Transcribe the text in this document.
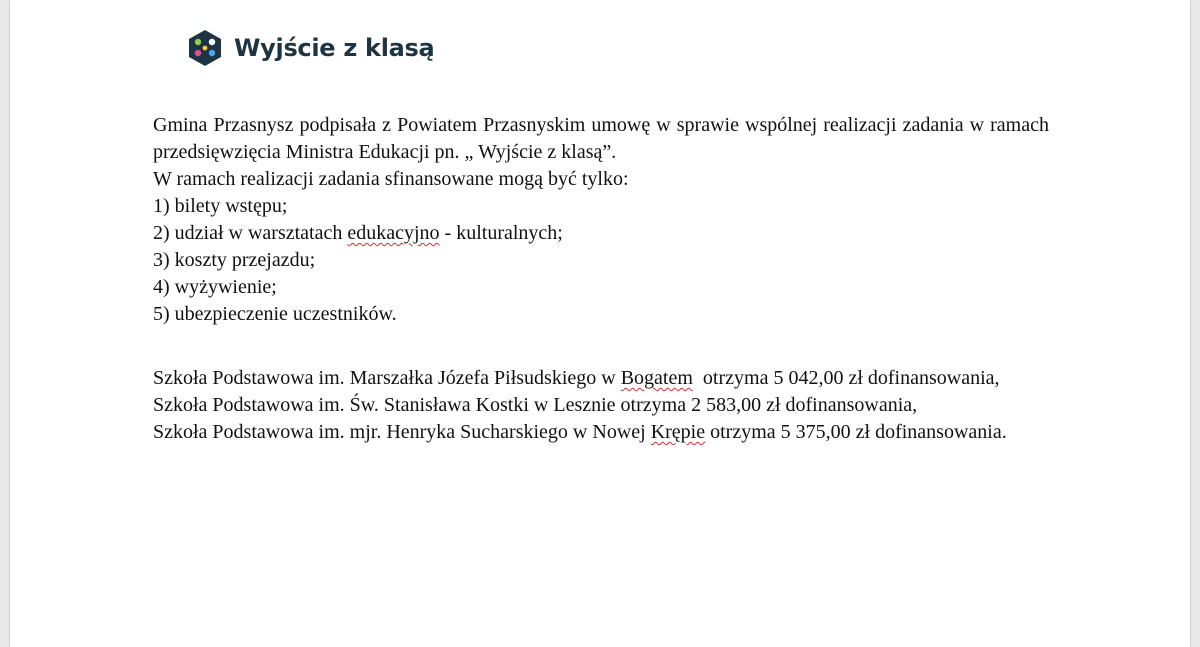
Wyjście z klasą

Gmina Przasnysz podpisała z Powiatem Przasnyskim umowę w sprawie wspólnej realizacji zadania w ramach przedsięwzięcia Ministra Edukacji pn. „ Wyjście z klasą”.

W ramach realizacji zadania sfinansowane mogą być tylko:

1) bilety wstępu;
2) udział w warsztatach edukacyjno - kulturalnych;
3) koszty przejazdu;
4) wyżywienie;
5) ubezpieczenie uczestników.

Szkoła Podstawowa im. Marszałka Józefa Piłsudskiego w Bogatem  otrzyma 5 042,00 zł dofinansowania,

Szkoła Podstawowa im. Św. Stanisława Kostki w Lesznie otrzyma 2 583,00 zł dofinansowania,

Szkoła Podstawowa im. mjr. Henryka Sucharskiego w Nowej Krępie otrzyma 5 375,00 zł dofinansowania.
